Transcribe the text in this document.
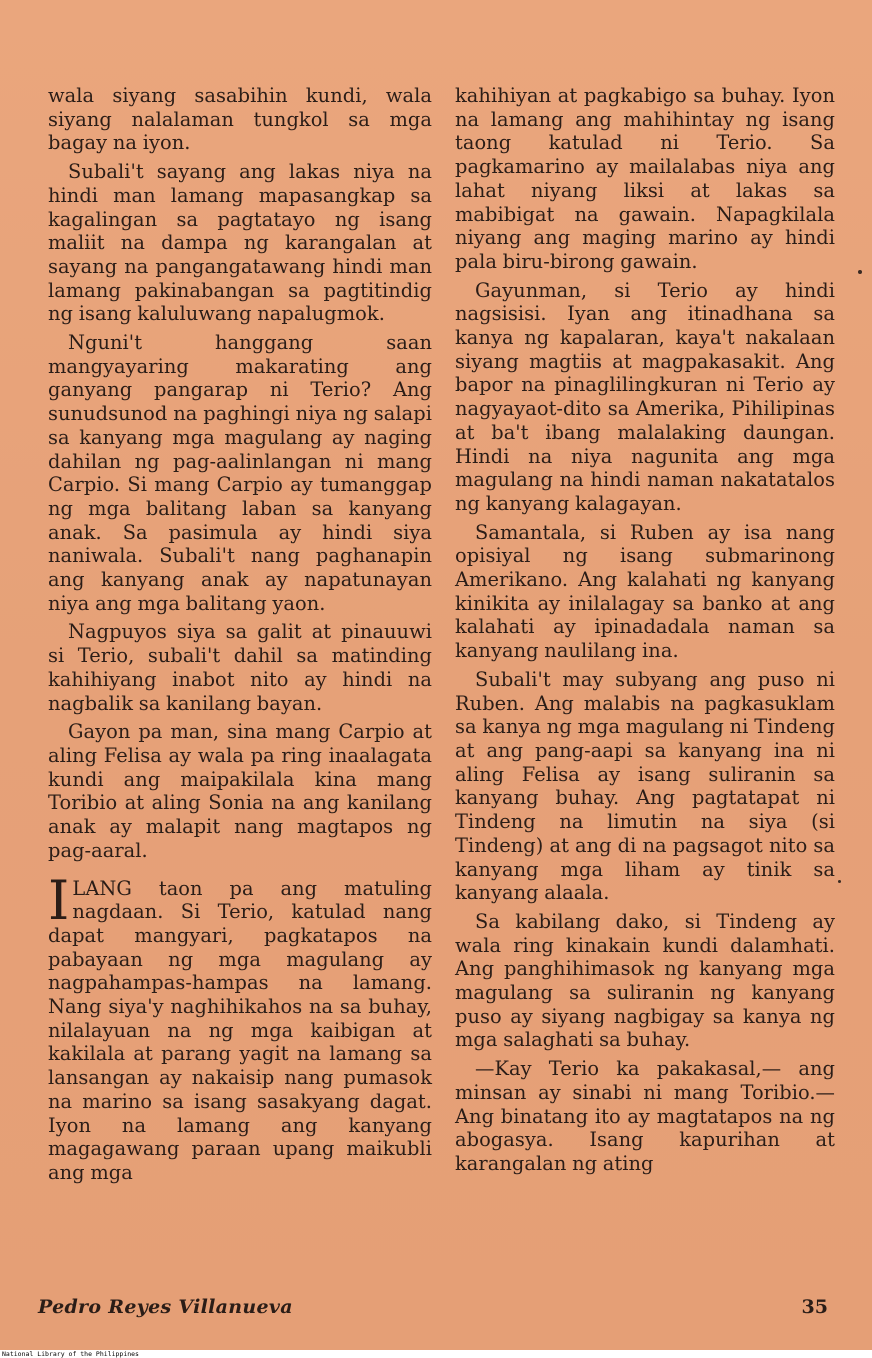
wala siyang sasabihin kundi, wala siyang nalalaman tungkol sa mga bagay na iyon.

Subali't sayang ang lakas niya na hindi man lamang mapasangkap sa kagalingan sa pagtatayo ng isang maliit na dampa ng karangalan at sayang na pangangatawang hindi man lamang pakinabangan sa pagtitindig ng isang kaluluwang napalugmok.

Nguni't hanggang saan mangyayaring makarating ang ganyang pangarap ni Terio? Ang sunudsunod na paghingi niya ng salapi sa kanyang mga magulang ay naging dahilan ng pag-aalinlangan ni mang Carpio. Si mang Carpio ay tumanggap ng mga balitang laban sa kanyang anak. Sa pasimula ay hindi siya naniwala. Subali't nang paghanapin ang kanyang anak ay napatunayan niya ang mga balitang yaon.

Nagpuyos siya sa galit at pinauuwi si Terio, subali't dahil sa matinding kahihiyang inabot nito ay hindi na nagbalik sa kanilang bayan.

Gayon pa man, sina mang Carpio at aling Felisa ay wala pa ring inaalagata kundi ang maipakilala kina mang Toribio at aling Sonia na ang kanilang anak ay malapit nang magtapos ng pag-aaral.

ILANG taon pa ang matuling nagdaan. Si Terio, katulad nang dapat mangyari, pagkatapos na pabayaan ng mga magulang ay nagpahampas-hampas na lamang. Nang siya'y naghihikahos na sa buhay, nilalayuan na ng mga kaibigan at kakilala at parang yagit na lamang sa lansangan ay nakaisip nang pumasok na marino sa isang sasakyang dagat. Iyon na lamang ang kanyang magagawang paraan upang maikubli ang mga

kahihiyan at pagkabigo sa buhay. Iyon na lamang ang mahihintay ng isang taong katulad ni Terio. Sa pagkamarino ay mailalabas niya ang lahat niyang liksi at lakas sa mabibigat na gawain. Napagkilala niyang ang maging marino ay hindi pala biru-birong gawain.

Gayunman, si Terio ay hindi nagsisisi. Iyan ang itinadhana sa kanya ng kapalaran, kaya't nakalaan siyang magtiis at magpakasakit. Ang bapor na pinaglilingkuran ni Terio ay nagyayaot-dito sa Amerika, Pihilipinas at ba't ibang malalaking daungan. Hindi na niya nagunita ang mga magulang na hindi naman nakatatalos ng kanyang kalagayan.

Samantala, si Ruben ay isa nang opisiyal ng isang submarinong Amerikano. Ang kalahati ng kanyang kinikita ay inilalagay sa banko at ang kalahati ay ipinadadala naman sa kanyang naulilang ina.

Subali't may subyang ang puso ni Ruben. Ang malabis na pagkasuklam sa kanya ng mga magulang ni Tindeng at ang pang-aapi sa kanyang ina ni aling Felisa ay isang suliranin sa kanyang buhay. Ang pagtatapat ni Tindeng na limutin na siya (si Tindeng) at ang di na pagsagot nito sa kanyang mga liham ay tinik sa kanyang alaala.

Sa kabilang dako, si Tindeng ay wala ring kinakain kundi dalamhati. Ang panghihimasok ng kanyang mga magulang sa suliranin ng kanyang puso ay siyang nagbigay sa kanya ng mga salaghati sa buhay.

—Kay Terio ka pakakasal,— ang minsan ay sinabi ni mang Toribio.—Ang binatang ito ay magtatapos na ng abogasya. Isang kapurihan at karangalan ng ating

Pedro Reyes Villanueva	35
National Library of the Philippines
